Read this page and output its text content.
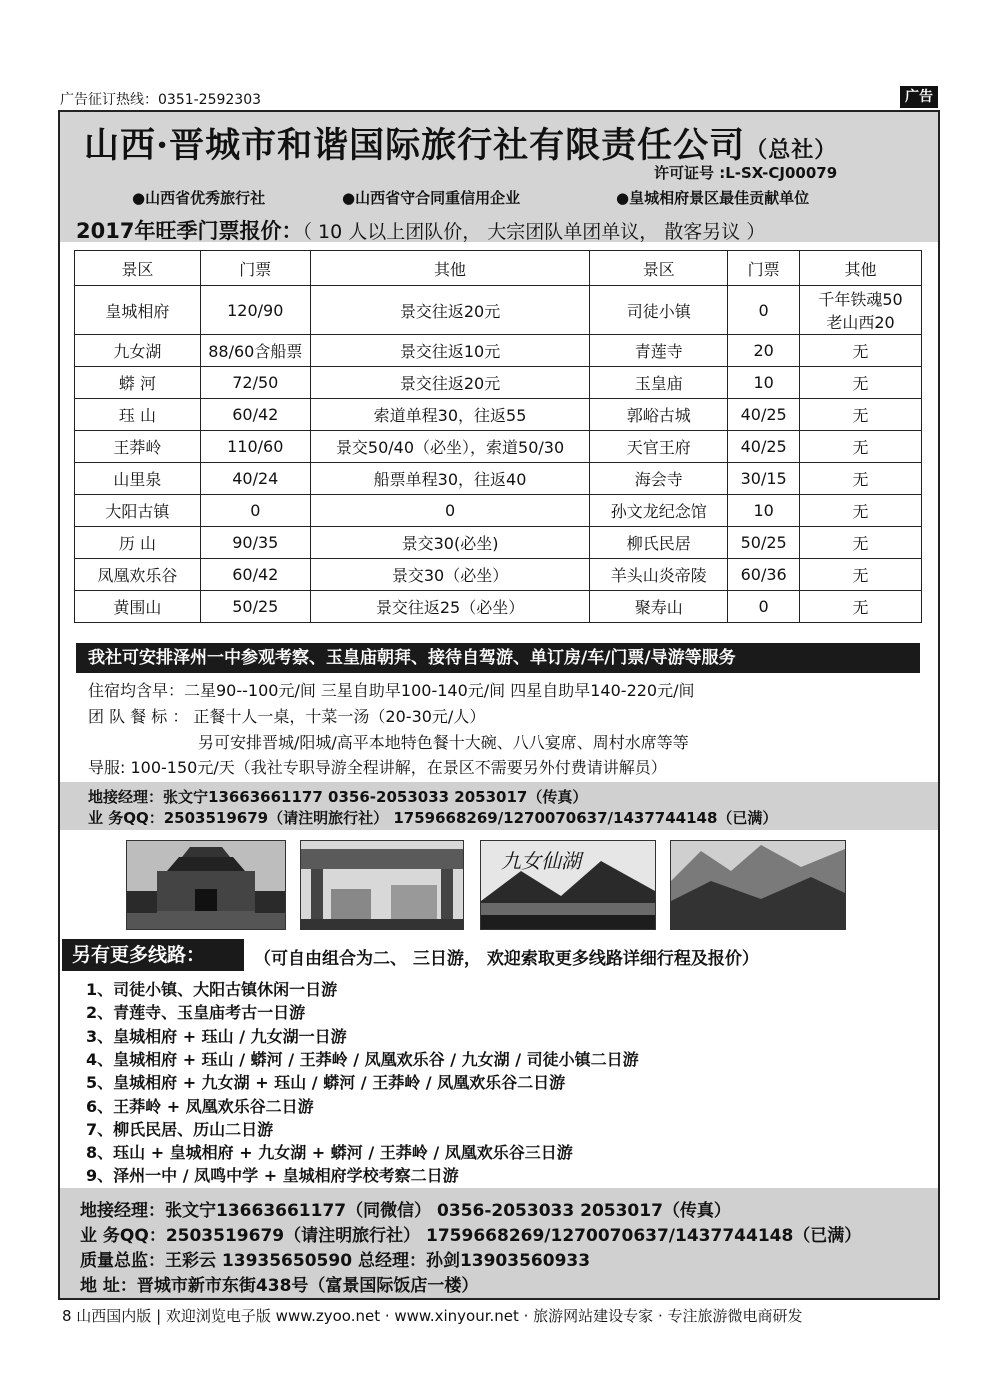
广告征订热线：0351-2592303	广告
山西·晋城市和谐国际旅行社有限责任公司（总社）
许可证号 :L-SX-CJ00079
●山西省优秀旅行社	●山西省守合同重信用企业	●皇城相府景区最佳贡献单位
2017年旺季门票报价：（ 10 人以上团队价， 大宗团队单团单议， 散客另议 ）
景区	门票	其他	景区	门票	其他
皇城相府	120/90	景交往返20元	司徒小镇	0	千年铁魂50
老山西20
九女湖	88/60含船票	景交往返10元	青莲寺	20	无
蟒 河	72/50	景交往返20元	玉皇庙	10	无
珏 山	60/42	索道单程30，往返55	郭峪古城	40/25	无
王莽岭	110/60	景交50/40（必坐），索道50/30	天官王府	40/25	无
山里泉	40/24	船票单程30，往返40	海会寺	30/15	无
大阳古镇	0	0	孙文龙纪念馆	10	无
历 山	90/35	景交30(必坐)	柳氏民居	50/25	无
凤凰欢乐谷	60/42	景交30（必坐）	羊头山炎帝陵	60/36	无
黄围山	50/25	景交往返25（必坐）	聚寿山	0	无
我社可安排泽州一中参观考察、玉皇庙朝拜、接待自驾游、单订房/车/门票/导游等服务
住宿均含早：二星90--100元/间 三星自助早100-140元/间 四星自助早140-220元/间
团 队 餐 标 ： 正餐十人一桌，十菜一汤（20-30元/人）
另可安排晋城/阳城/高平本地特色餐十大碗、八八宴席、周村水席等等
导服: 100-150元/天（我社专职导游全程讲解，在景区不需要另外付费请讲解员）
地接经理：张文宁13663661177 0356-2053033 2053017（传真）
业 务QQ：2503519679（请注明旅行社） 1759668269/1270070637/1437744148（已满）
九女仙湖
另有更多线路：	（可自由组合为二、 三日游， 欢迎索取更多线路详细行程及报价）
1、司徒小镇、大阳古镇休闲一日游
2、青莲寺、玉皇庙考古一日游
3、皇城相府 + 珏山 / 九女湖一日游
4、皇城相府 + 珏山 / 蟒河 / 王莽岭 / 凤凰欢乐谷 / 九女湖 / 司徒小镇二日游
5、皇城相府 + 九女湖 + 珏山 / 蟒河 / 王莽岭 / 凤凰欢乐谷二日游
6、王莽岭 + 凤凰欢乐谷二日游
7、柳氏民居、历山二日游
8、珏山 + 皇城相府 + 九女湖 + 蟒河 / 王莽岭 / 凤凰欢乐谷三日游
9、泽州一中 / 凤鸣中学 + 皇城相府学校考察二日游
地接经理：张文宁13663661177（同微信） 0356-2053033 2053017（传真）
业 务QQ：2503519679（请注明旅行社） 1759668269/1270070637/1437744148（已满）
质量总监：王彩云 13935650590 总经理：孙剑13903560933
地 址：晋城市新市东街438号（富景国际饭店一楼）
8 山西国内版 | 欢迎浏览电子版 www.zyoo.net · www.xinyour.net · 旅游网站建设专家 · 专注旅游微电商研发
